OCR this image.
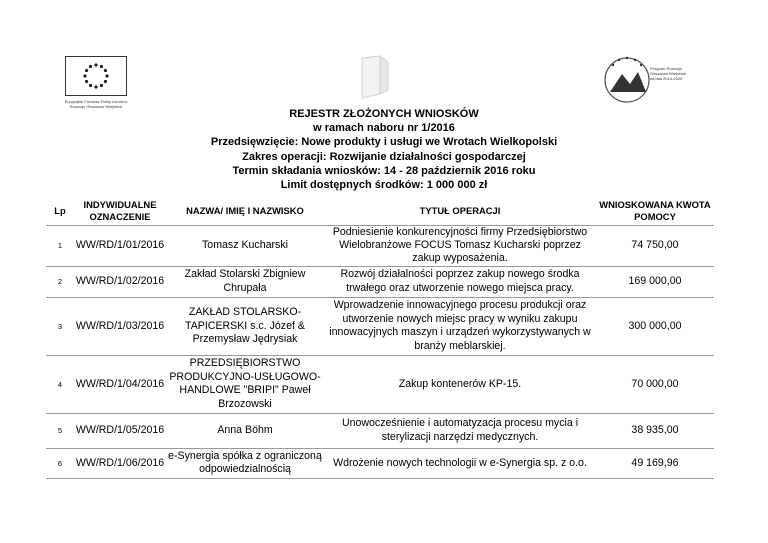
Europejski Fundusz Rolny na rzecz Rozwoju Obszarów Wiejskich
Program Rozwoju Obszarów Wiejskich na lata 2014-2020
REJESTR ZŁOŻONYCH WNIOSKÓW
w ramach naboru nr 1/2016
Przedsięwzięcie: Nowe produkty i usługi we Wrotach Wielkopolski
Zakres operacji: Rozwijanie działalności gospodarczej
Termin składania wniosków: 14 - 28 październik 2016 roku
Limit dostępnych środków: 1 000 000 zł
Lp	INDYWIDUALNE OZNACZENIE	NAZWA/ IMIĘ I NAZWISKO	TYTUŁ OPERACJI	WNIOSKOWANA KWOTA POMOCY
1	WW/RD/1/01/2016	Tomasz Kucharski	Podniesienie konkurencyjności firmy Przedsiębiorstwo Wielobranżowe FOCUS Tomasz Kucharski poprzez zakup wyposażenia.	74 750,00
2	WW/RD/1/02/2016	Zakład Stolarski Zbigniew Chrupała	Rozwój działalności poprzez zakup nowego środka trwałego oraz utworzenie nowego miejsca pracy.	169 000,00
3	WW/RD/1/03/2016	ZAKŁAD STOLARSKO-TAPICERSKI s.c. Józef & Przemysław Jędrysiak	Wprowadzenie innowacyjnego procesu produkcji oraz utworzenie nowych miejsc pracy w wyniku zakupu innowacyjnych maszyn i urządzeń wykorzystywanych w branży meblarskiej.	300 000,00
4	WW/RD/1/04/2016	PRZEDSIĘBIORSTWO PRODUKCYJNO-USŁUGOWO-HANDLOWE "BRIPI" Paweł Brzozowski	Zakup kontenerów KP-15.	70 000,00
5	WW/RD/1/05/2016	Anna Böhm	Unowocześnienie i automatyzacja procesu mycia i sterylizacji narzędzi medycznych.	38 935,00
6	WW/RD/1/06/2016	e-Synergia spółka z ograniczoną odpowiedzialnością	Wdrożenie nowych technologii w e-Synergia sp. z o.o.	49 169,96
